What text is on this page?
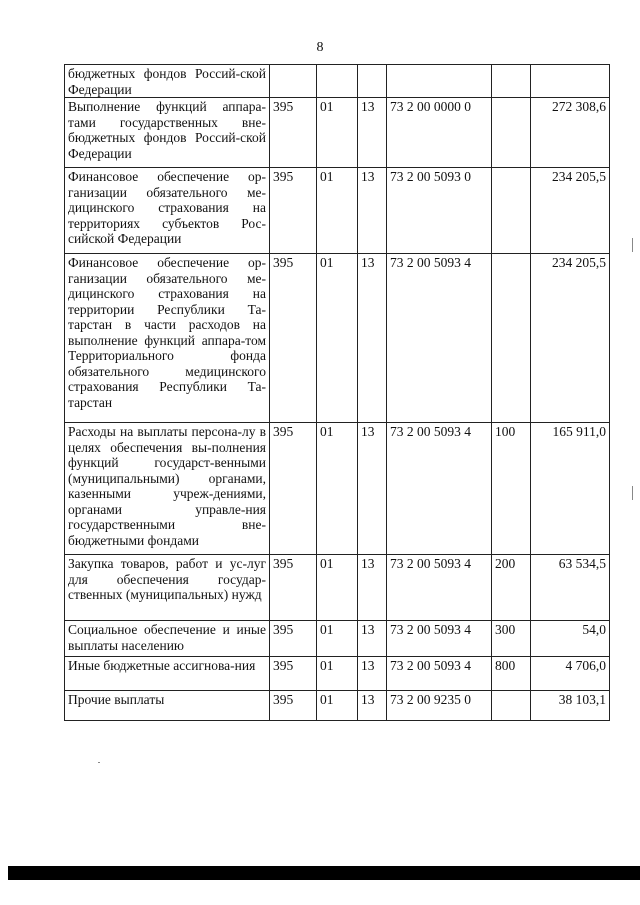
8
бюджетных фондов Россий-ской Федерации						
Выполнение функций аппара-тами государственных вне-бюджетных фондов Россий-ской Федерации	395	01	13	73 2 00 0000 0		272 308,6
Финансовое обеспечение ор-ганизации обязательного ме-дицинского страхования на территориях субъектов Рос-сийской Федерации	395	01	13	73 2 00 5093 0		234 205,5
Финансовое обеспечение ор-ганизации обязательного ме-дицинского страхования на территории Республики Та-тарстан в части расходов на выполнение функций аппара-том Территориального фонда обязательного медицинского страхования Республики Та-тарстан	395	01	13	73 2 00 5093 4		234 205,5
Расходы на выплаты персона-лу в целях обеспечения вы-полнения функций государст-венными (муниципальными) органами, казенными учреж-дениями, органами управле-ния государственными вне-бюджетными фондами	395	01	13	73 2 00 5093 4	100	165 911,0
Закупка товаров, работ и ус-луг для обеспечения государ-ственных (муниципальных) нужд	395	01	13	73 2 00 5093 4	200	63 534,5
Социальное обеспечение и иные выплаты населению	395	01	13	73 2 00 5093 4	300	54,0
Иные бюджетные ассигнова-ния	395	01	13	73 2 00 5093 4	800	4 706,0
Прочие выплаты	395	01	13	73 2 00 9235 0		38 103,1
